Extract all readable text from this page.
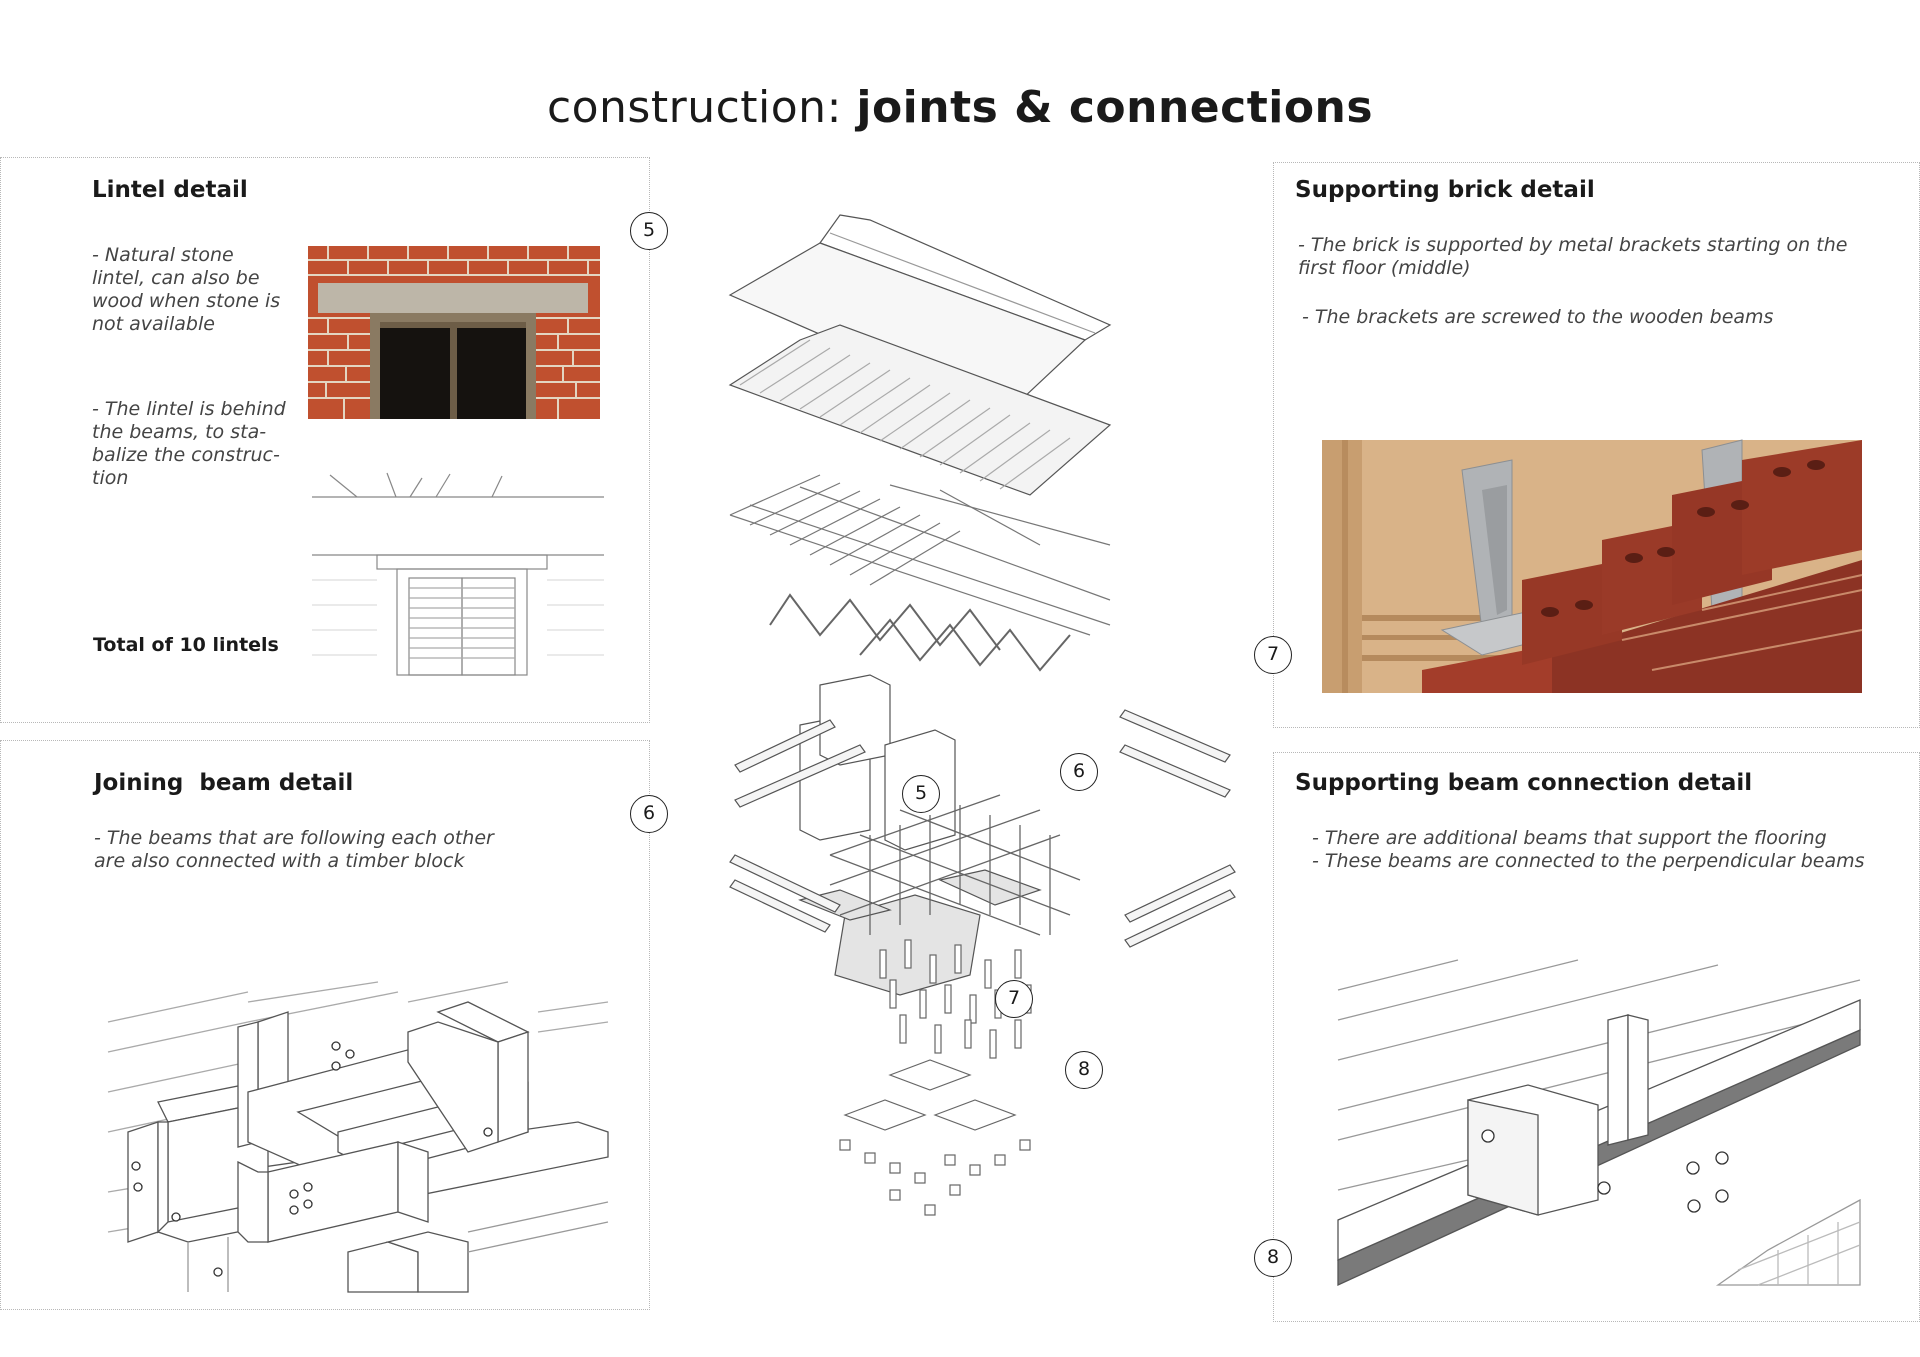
construction: joints & connections
Lintel detail
- Natural stone
lintel, can also be
wood when stone is
not available
- The lintel is behind
the beams, to sta-
balize the construc-
tion
Total of 10 lintels
5
Joining  beam detail
- The beams that are following each other
are also connected with a timber block
6
Supporting brick detail
- The brick is supported by metal brackets starting on the
first floor (middle)
- The brackets are screwed to the wooden beams
7
Supporting beam connection detail
- There are additional beams that support the flooring
- These beams are connected to the perpendicular beams
8
5
6
7
8
